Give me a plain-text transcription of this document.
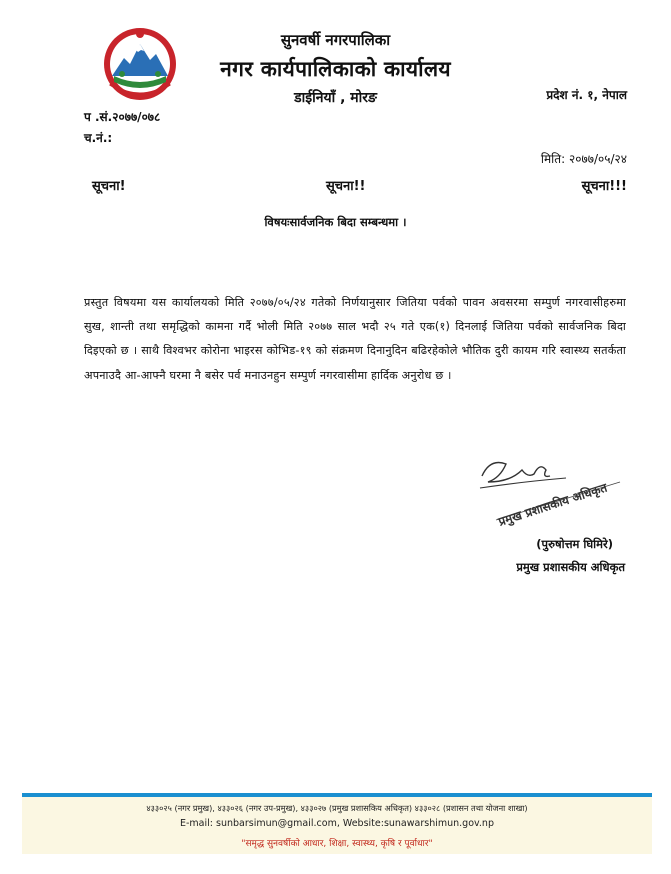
सुनवर्षी नगरपालिका
नगर कार्यपालिकाको कार्यालय
डाईनियाँ , मोरङ	प्रदेश नं. १, नेपाल
प .सं.२०७७/०७८
च.नं.:
मिति: २०७७/०५/२४
सूचना!	सूचना!!	सूचना!!!
विषयःसार्वजनिक बिदा सम्बन्धमा ।
प्रस्तुत विषयमा यस कार्यालयको मिति २०७७/०५/२४ गतेको निर्णयानुसार जितिया पर्वको पावन अवसरमा सम्पुर्ण नगरवासीहरुमा सुख, शान्ती तथा समृद्धिको कामना गर्दै भोली मिति २०७७ साल भदौ २५ गते एक(१) दिनलाई जितिया पर्वको सार्वजनिक बिदा दिइएको छ । साथै विश्वभर कोरोना भाइरस कोभिड-१९ को संक्रमण दिनानुदिन बढिरहेकोले भौतिक दुरी कायम गरि स्वास्थ्य सतर्कता अपनाउदै आ-आफ्नै घरमा नै बसेर पर्व मनाउनहुन सम्पुर्ण नगरवासीमा हार्दिक अनुरोध छ ।
प्रमुख प्रशासकीय अधिकृत
(पुरुषोत्तम घिमिरे)
प्रमुख प्रशासकीय अधिकृत
४३३०२५ (नगर प्रमुख), ४३३०२६ (नगर उप-प्रमुख), ४३३०२७ (प्रमुख प्रशासकिय अधिकृत) ४३३०२८ (प्रशासन तथा योजना शाखा)
E-mail: sunbarsimun@gmail.com, Website:sunawarshimun.gov.np
"समृद्ध सुनवर्षीको आधार, शिक्षा, स्वास्थ्य, कृषि र पूर्वाधार"
